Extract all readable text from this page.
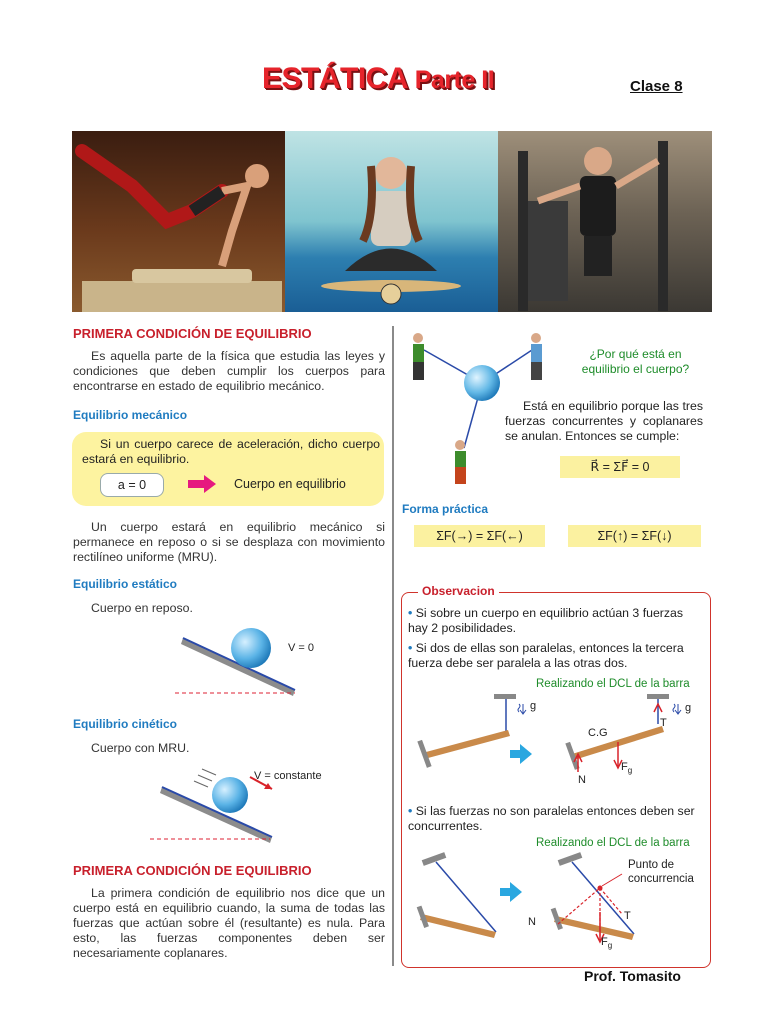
ESTÁTICA Parte II	Clase 8
PRIMERA CONDICIÓN DE EQUILIBRIO
Es aquella parte de la física que estudia las leyes y condiciones que deben cumplir los cuerpos para encontrarse en estado de equilibrio mecánico.
Equilibrio mecánico
Si un cuerpo carece de aceleración, dicho cuerpo estará en equilibrio.
a = 0	Cuerpo en equilibrio
Un cuerpo estará en equilibrio mecánico si permanece en reposo o si se desplaza con movimiento rectilíneo uniforme (MRU).
Equilibrio estático
Cuerpo en reposo.
V = 0
Equilibrio cinético
Cuerpo con MRU.
V = constante
PRIMERA CONDICIÓN DE EQUILIBRIO
La primera condición de equilibrio nos dice que un cuerpo está en equilibrio cuando, la suma de todas las fuerzas que actúan sobre él (resultante) es nula. Para esto, las fuerzas componentes deben ser necesariamente coplanares.
¿Por qué está en equilibrio el cuerpo?
Está en equilibrio porque las tres fuerzas concurrentes y coplanares se anulan. Entonces se cumple:
R⃗ = ΣF⃗ = 0
Forma práctica
ΣF(→) = ΣF(←)	ΣF(↑) = ΣF(↓)
Observacion
• Si sobre un cuerpo en equilibrio actúan 3 fuerzas hay 2 posibilidades.
• Si dos de ellas son paralelas, entonces la tercera fuerza debe ser paralela a las otras dos.
Realizando el DCL de la barra
g	g
C.G
T
N
$F_g$
• Si las fuerzas no son paralelas entonces deben ser concurrentes.
Realizando el DCL de la barra
Punto de
concurrencia
N	T
$F_g$
Prof. Tomasito
